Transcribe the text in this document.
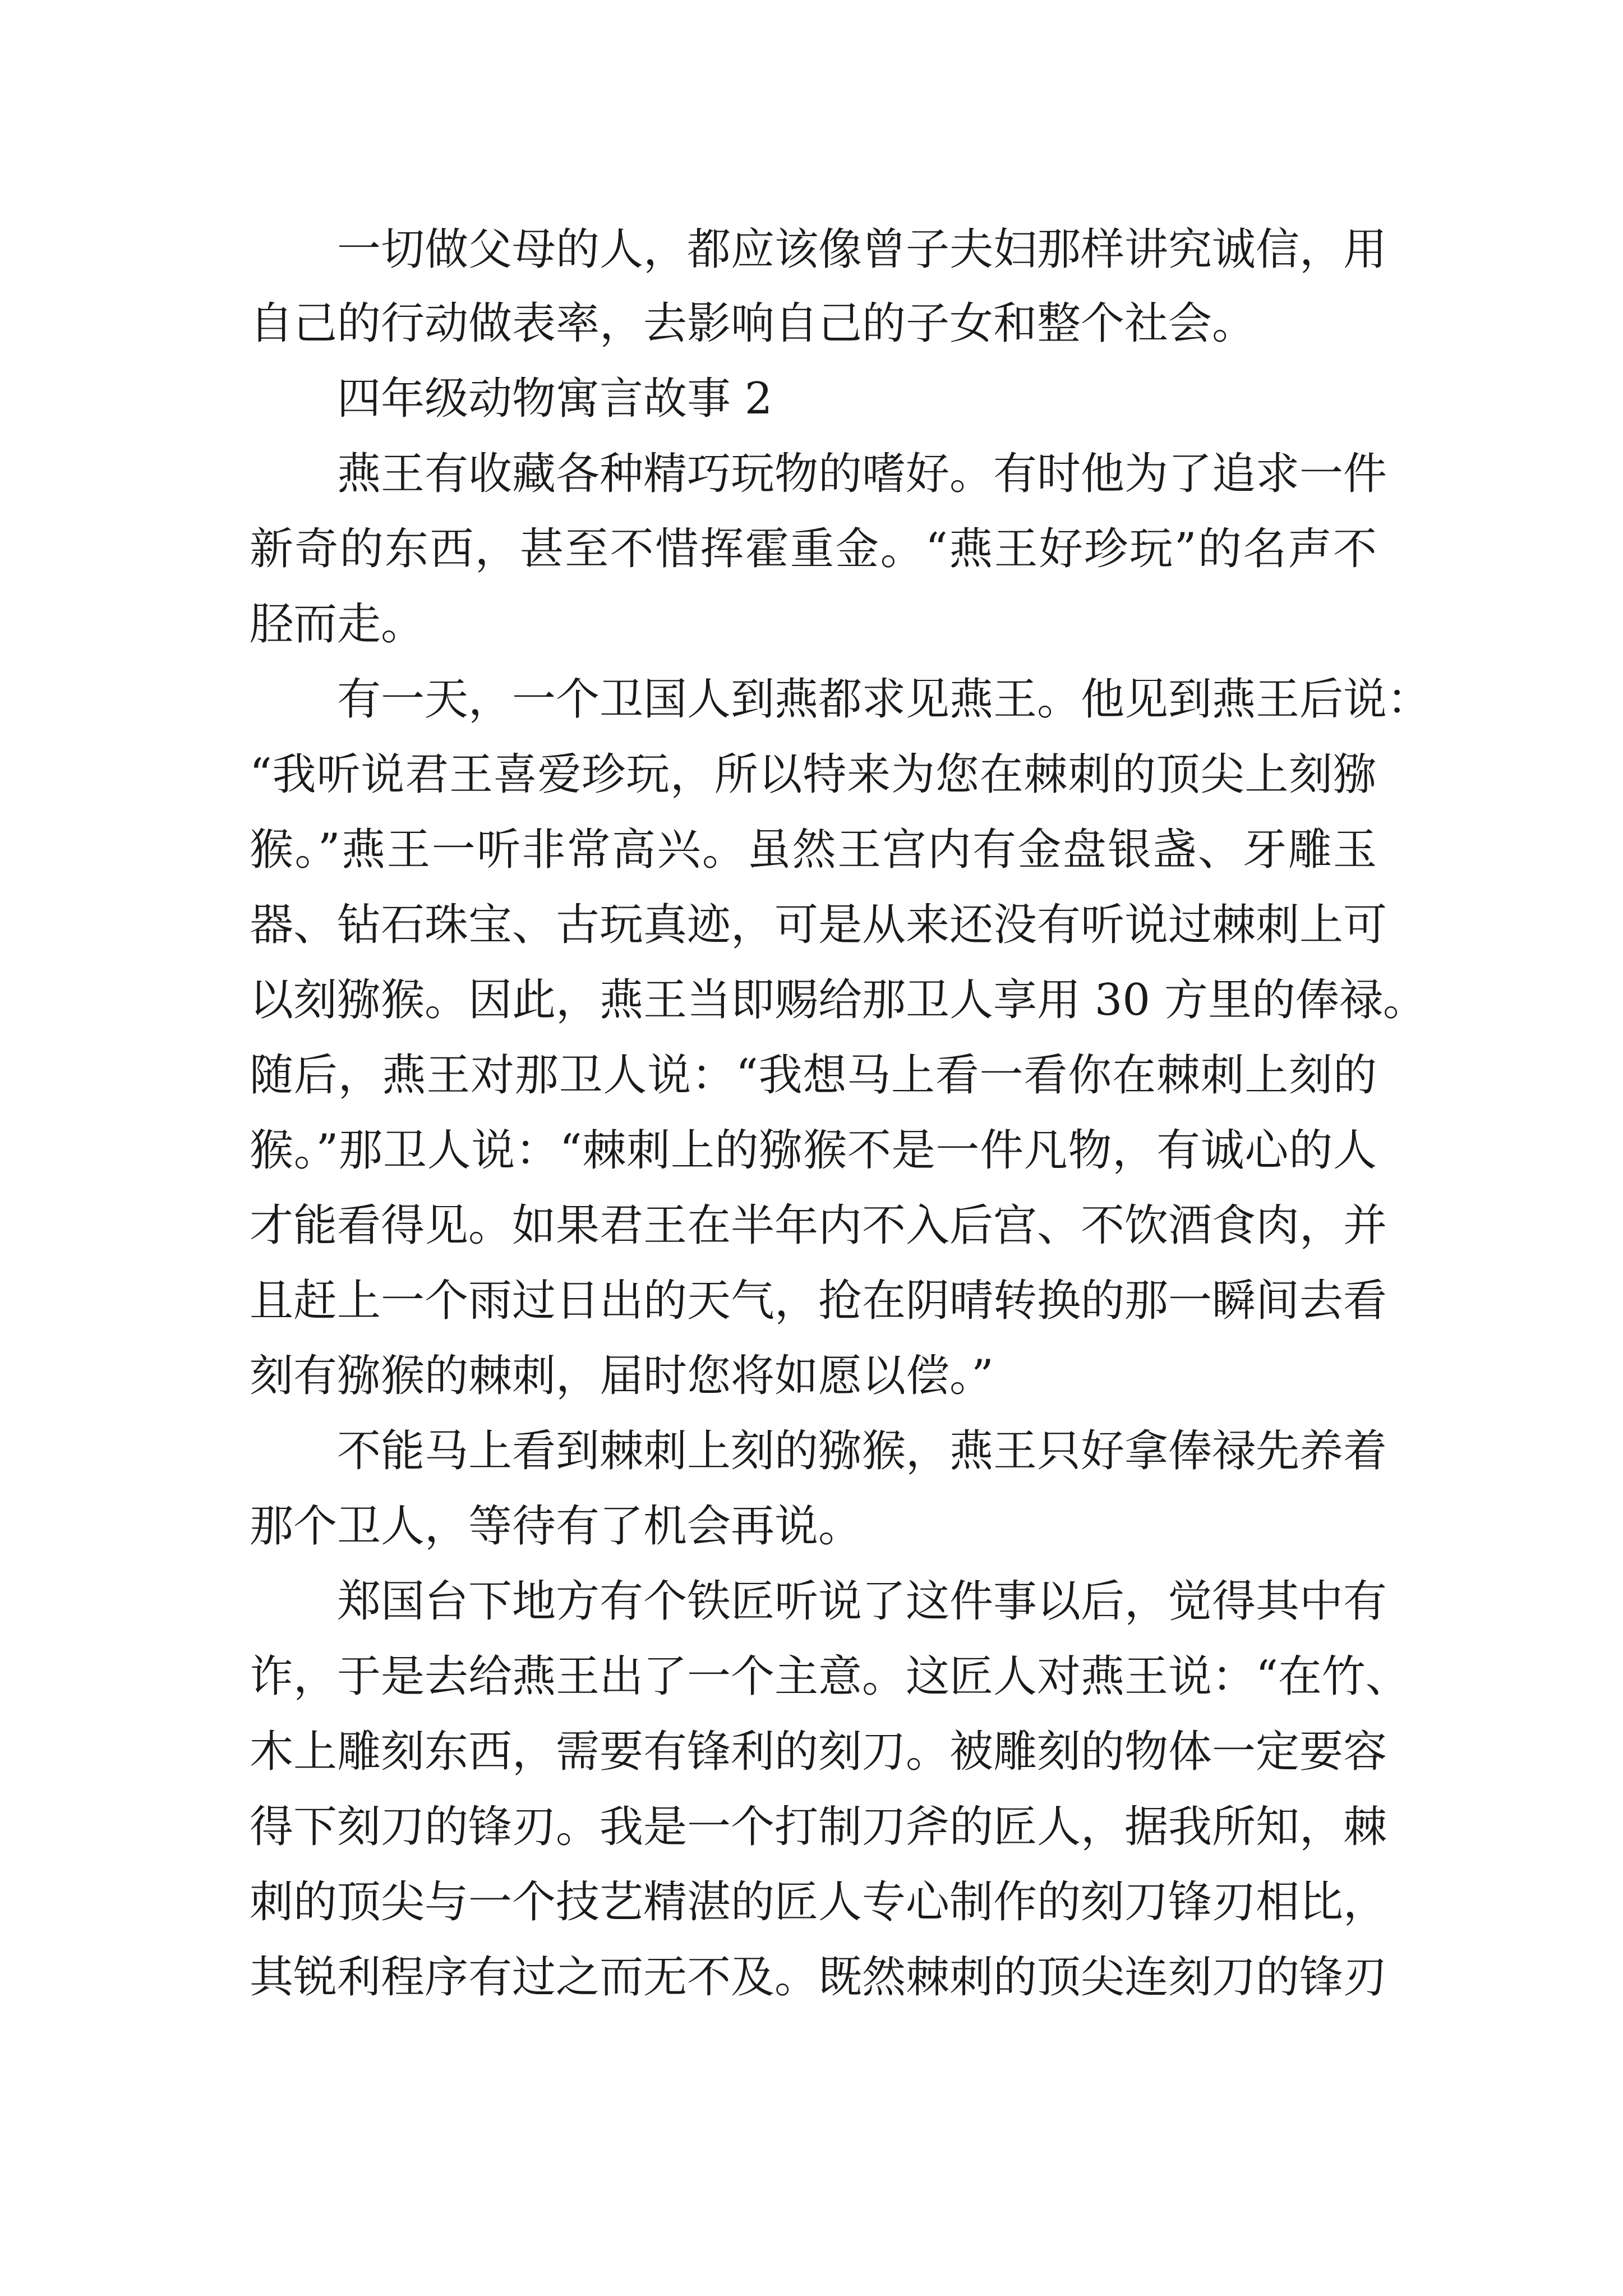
一切做父母的人，都应该像曾子夫妇那样讲究诚信，用
自己的行动做表率，去影响自己的子女和整个社会。
四年级动物寓言故事 2
燕王有收藏各种精巧玩物的嗜好。有时他为了追求一件
新奇的东西，甚至不惜挥霍重金。“燕王好珍玩”的名声不
胫而走。
有一天，一个卫国人到燕都求见燕王。他见到燕王后说：
“我听说君王喜爱珍玩，所以特来为您在棘刺的顶尖上刻猕
猴。”燕王一听非常高兴。虽然王宫内有金盘银盏、牙雕玉
器、钻石珠宝、古玩真迹，可是从来还没有听说过棘刺上可
以刻猕猴。因此，燕王当即赐给那卫人享用 30 方里的俸禄。
随后，燕王对那卫人说：“我想马上看一看你在棘刺上刻的
猴。”那卫人说：“棘刺上的猕猴不是一件凡物，有诚心的人
才能看得见。如果君王在半年内不入后宫、不饮酒食肉，并
且赶上一个雨过日出的天气，抢在阴晴转换的那一瞬间去看
刻有猕猴的棘刺，届时您将如愿以偿。”
不能马上看到棘刺上刻的猕猴，燕王只好拿俸禄先养着
那个卫人，等待有了机会再说。
郑国台下地方有个铁匠听说了这件事以后，觉得其中有
诈，于是去给燕王出了一个主意。这匠人对燕王说：“在竹、
木上雕刻东西，需要有锋利的刻刀。被雕刻的物体一定要容
得下刻刀的锋刃。我是一个打制刀斧的匠人，据我所知，棘
刺的顶尖与一个技艺精湛的匠人专心制作的刻刀锋刃相比，
其锐利程序有过之而无不及。既然棘刺的顶尖连刻刀的锋刃
